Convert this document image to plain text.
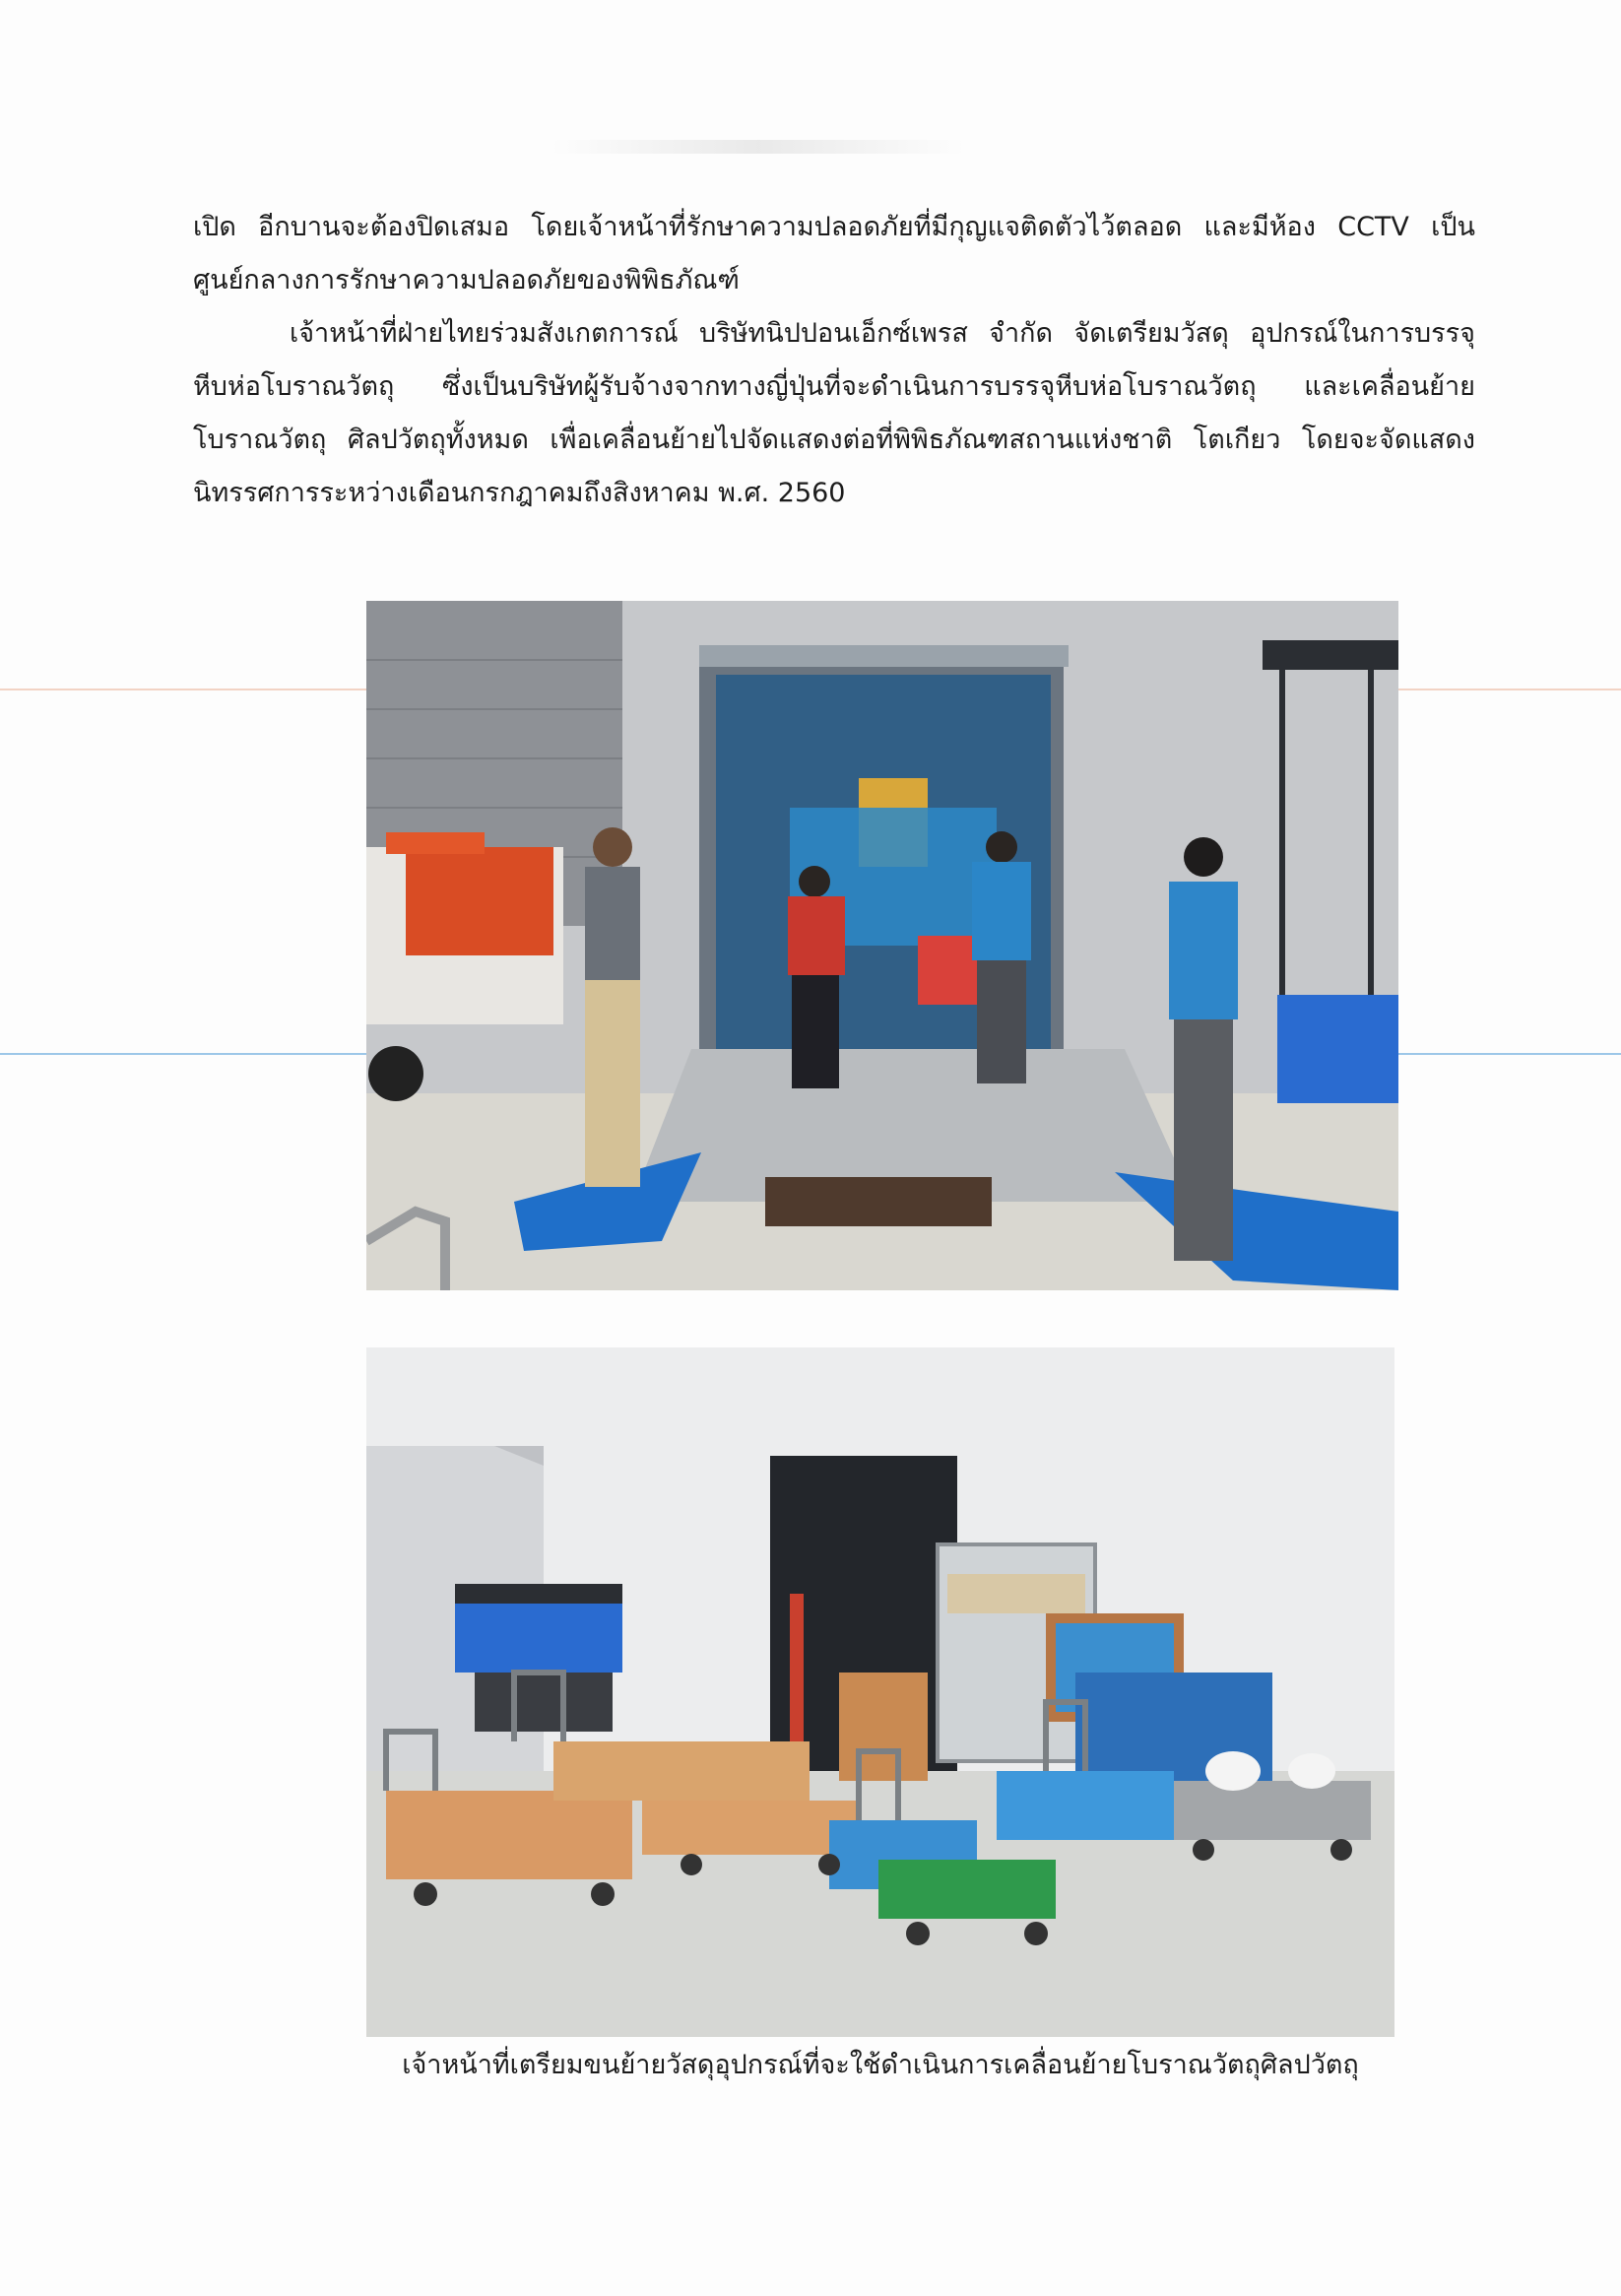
เปิด อีกบานจะต้องปิดเสมอ โดยเจ้าหน้าที่รักษาความปลอดภัยที่มีกุญแจติดตัวไว้ตลอด และมีห้อง CCTV เป็นศูนย์กลางการรักษาความปลอดภัยของพิพิธภัณฑ์

เจ้าหน้าที่ฝ่ายไทยร่วมสังเกตการณ์ บริษัทนิปปอนเอ็กซ์เพรส จำกัด จัดเตรียมวัสดุ อุปกรณ์ในการบรรจุหีบห่อโบราณวัตถุ ซึ่งเป็นบริษัทผู้รับจ้างจากทางญี่ปุ่นที่จะดำเนินการบรรจุหีบห่อโบราณวัตถุ และเคลื่อนย้ายโบราณวัตถุ ศิลปวัตถุทั้งหมด เพื่อเคลื่อนย้ายไปจัดแสดงต่อที่พิพิธภัณฑสถานแห่งชาติ โตเกียว โดยจะจัดแสดงนิทรรศการระหว่างเดือนกรกฎาคมถึงสิงหาคม พ.ศ. 2560

เจ้าหน้าที่เตรียมขนย้ายวัสดุอุปกรณ์ที่จะใช้ดำเนินการเคลื่อนย้ายโบราณวัตถุศิลปวัตถุ
